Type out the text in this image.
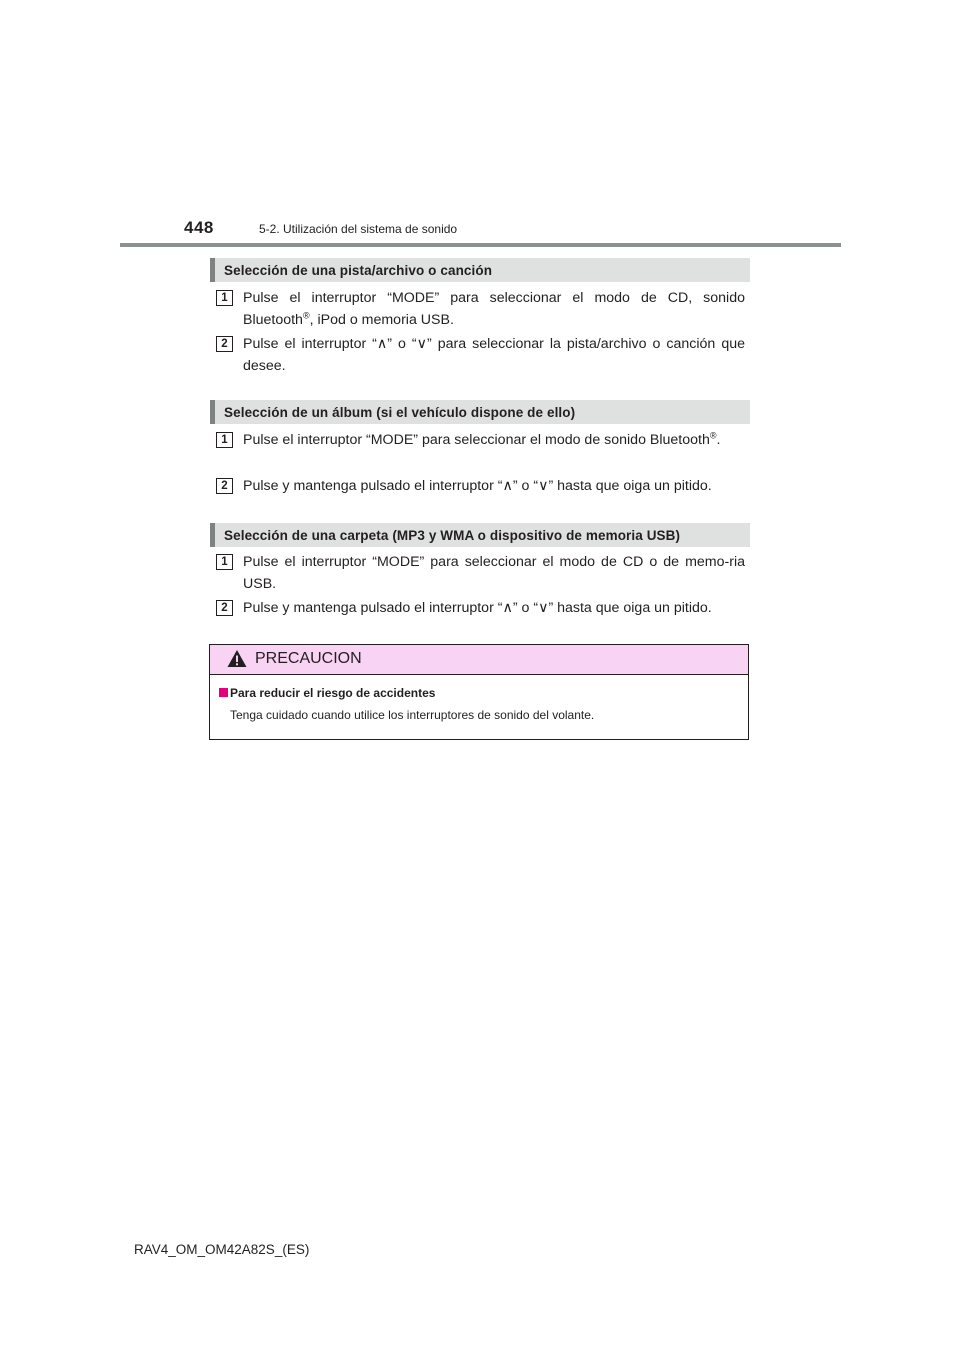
448	5-2. Utilización del sistema de sonido
Selección de una pista/archivo o canción
1	Pulse el interruptor “MODE” para seleccionar el modo de CD, sonido Bluetooth®, iPod o memoria USB.
2	Pulse el interruptor “∧” o “∨” para seleccionar la pista/archivo o canción que desee.
Selección de un álbum (si el vehículo dispone de ello)
1	Pulse el interruptor “MODE” para seleccionar el modo de sonido Bluetooth®.
2	Pulse y mantenga pulsado el interruptor “∧” o “∨” hasta que oiga un pitido.
Selección de una carpeta (MP3 y WMA o dispositivo de memoria USB)
1	Pulse el interruptor “MODE” para seleccionar el modo de CD o de memo-ria USB.
2	Pulse y mantenga pulsado el interruptor “∧” o “∨” hasta que oiga un pitido.
PRECAUCION
Para reducir el riesgo de accidentes
Tenga cuidado cuando utilice los interruptores de sonido del volante.
RAV4_OM_OM42A82S_(ES)
